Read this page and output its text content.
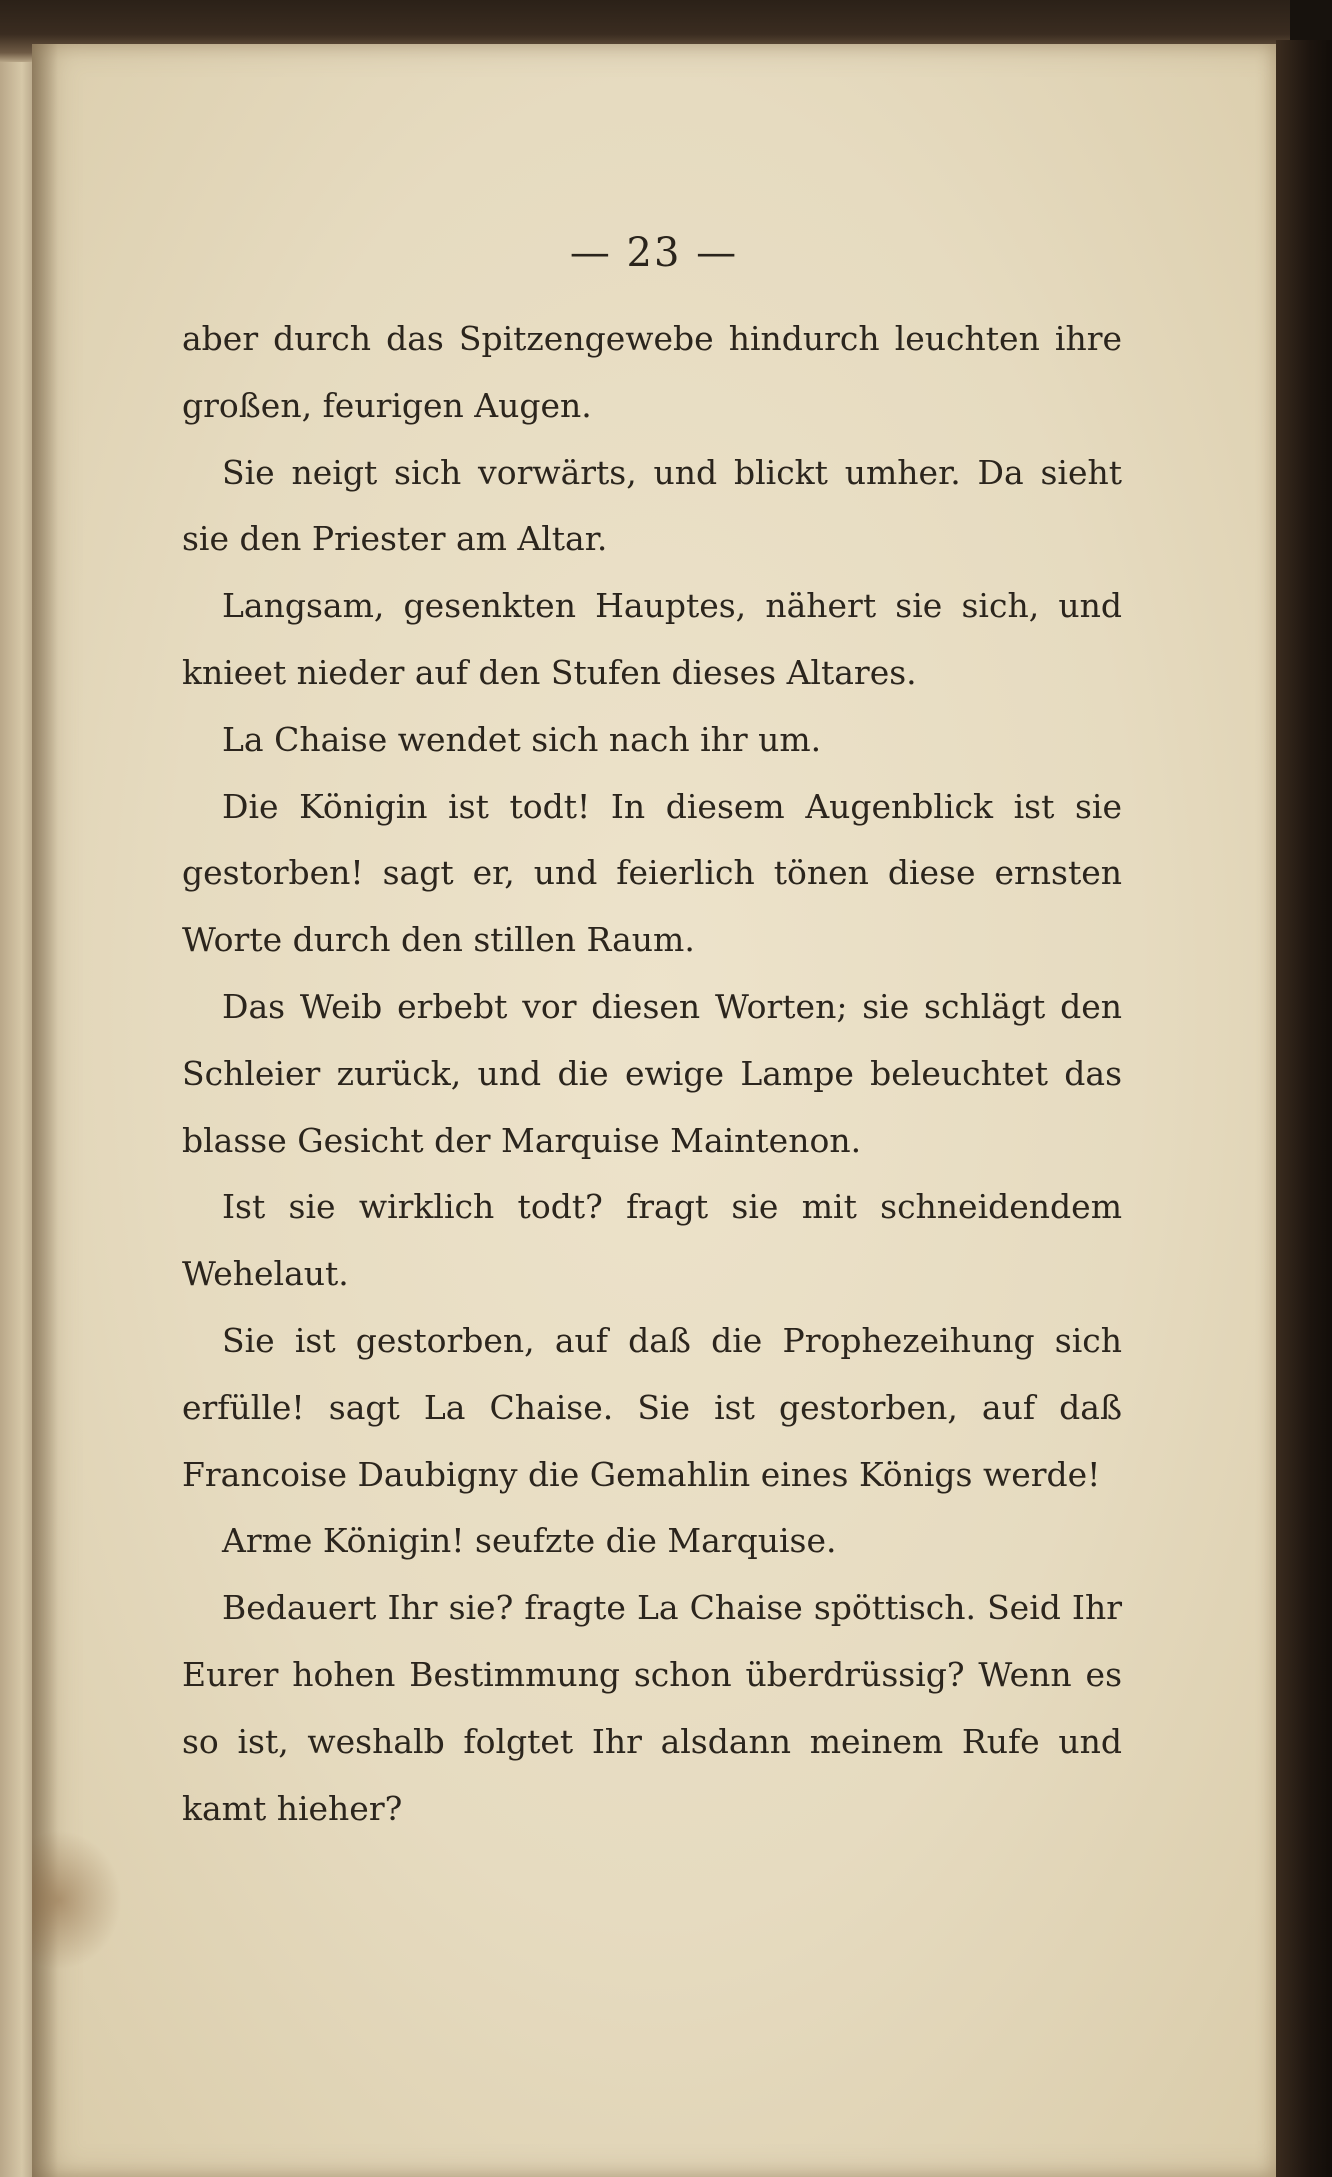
— 23 —

aber durch das Spitzengewebe hindurch leuchten ihre großen, feurigen Augen.

Sie neigt sich vorwärts, und blickt umher. Da sieht sie den Priester am Altar.

Langsam, gesenkten Hauptes, nähert sie sich, und knieet nieder auf den Stufen dieses Altares.

La Chaise wendet sich nach ihr um.

Die Königin ist todt! In diesem Augenblick ist sie gestorben! sagt er, und feierlich tönen diese ernsten Worte durch den stillen Raum.

Das Weib erbebt vor diesen Worten; sie schlägt den Schleier zurück, und die ewige Lampe beleuchtet das blasse Gesicht der Marquise Maintenon.

Ist sie wirklich todt? fragt sie mit schneidendem Wehelaut.

Sie ist gestorben, auf daß die Prophezeihung sich erfülle! sagt La Chaise. Sie ist gestorben, auf daß Francoise Daubigny die Gemahlin eines Königs werde!

Arme Königin! seufzte die Marquise.

Bedauert Ihr sie? fragte La Chaise spöttisch. Seid Ihr Eurer hohen Bestimmung schon überdrüssig? Wenn es so ist, weshalb folgtet Ihr alsdann meinem Rufe und kamt hieher?
